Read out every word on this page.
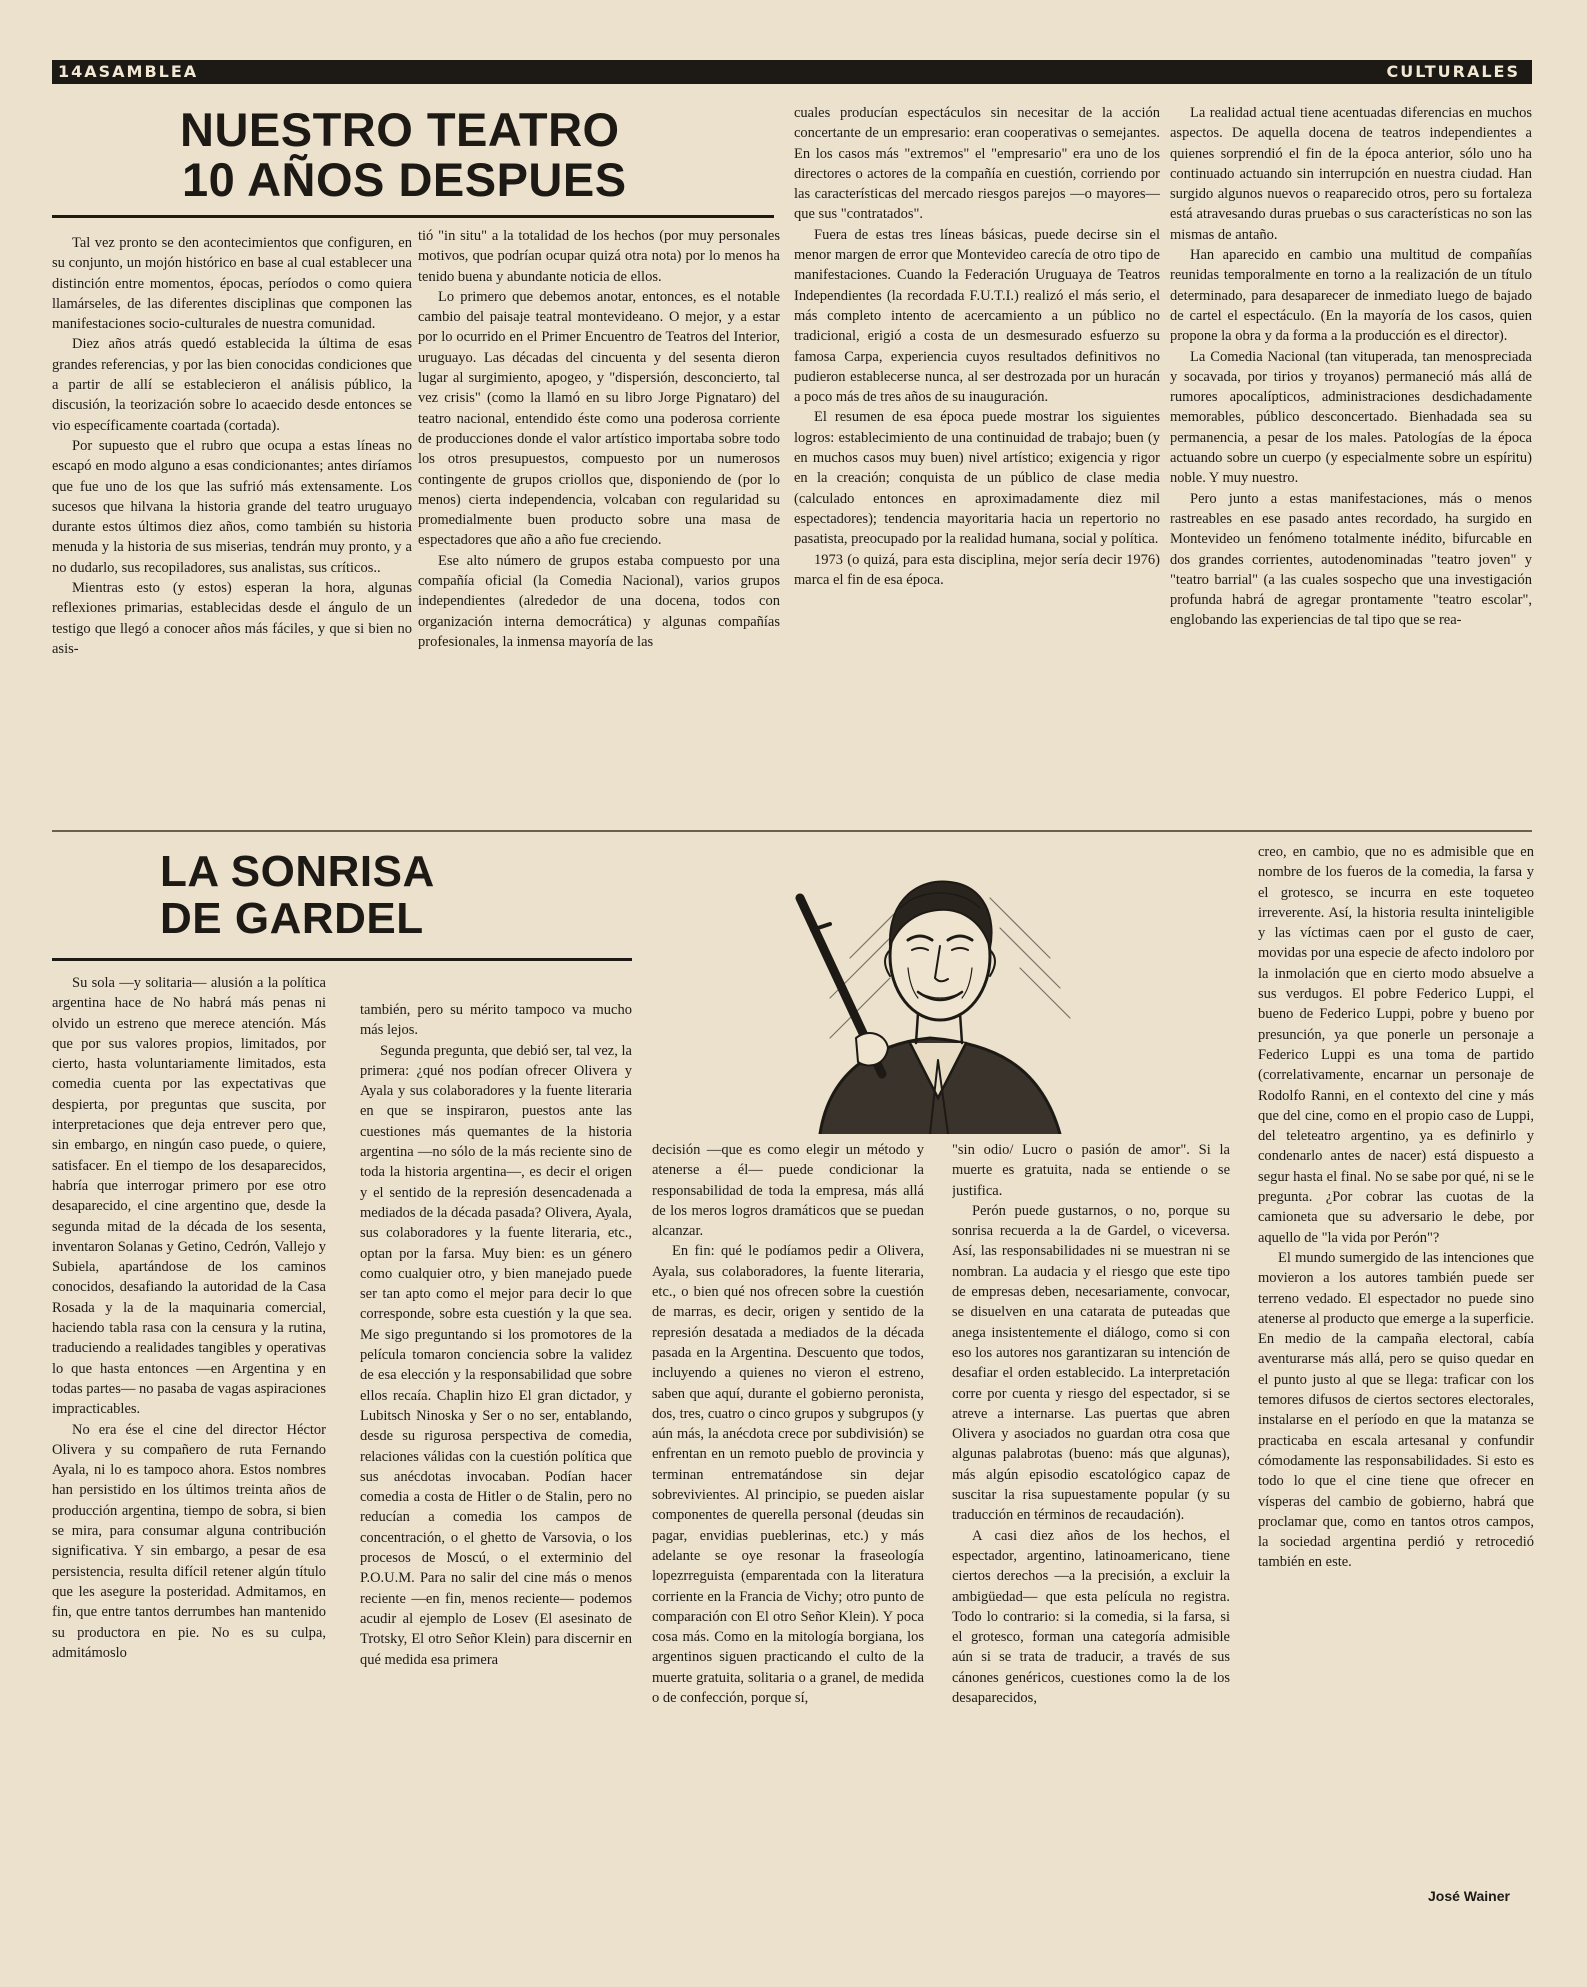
14ASAMBLEA	CULTURALES
NUESTRO TEATRO
10 AÑOS DESPUES

Tal vez pronto se den acontecimientos que configuren, en su conjunto, un mojón histórico en base al cual establecer una distinción entre momentos, épocas, períodos o como quiera llamárseles, de las diferentes disciplinas que componen las manifestaciones socio-culturales de nuestra comunidad.

Diez años atrás quedó establecida la última de esas grandes referencias, y por las bien conocidas condiciones que a partir de allí se establecieron el análisis público, la discusión, la teorización sobre lo acaecido desde entonces se vio específicamente coartada (cortada).

Por supuesto que el rubro que ocupa a estas líneas no escapó en modo alguno a esas condicionantes; antes diríamos que fue uno de los que las sufrió más extensamente. Los sucesos que hilvana la historia grande del teatro uruguayo durante estos últimos diez años, como también su historia menuda y la historia de sus miserias, tendrán muy pronto, y a no dudarlo, sus recopiladores, sus analistas, sus críticos..

Mientras esto (y estos) esperan la hora, algunas reflexiones primarias, establecidas desde el ángulo de un testigo que llegó a conocer años más fáciles, y que si bien no asis-

tió "in situ" a la totalidad de los hechos (por muy personales motivos, que podrían ocupar quizá otra nota) por lo menos ha tenido buena y abundante noticia de ellos.

Lo primero que debemos anotar, entonces, es el notable cambio del paisaje teatral montevideano. O mejor, y a estar por lo ocurrido en el Primer Encuentro de Teatros del Interior, uruguayo. Las décadas del cincuenta y del sesenta dieron lugar al surgimiento, apogeo, y "dispersión, desconcierto, tal vez crisis" (como la llamó en su libro Jorge Pignataro) del teatro nacional, entendido éste como una poderosa corriente de producciones donde el valor artístico importaba sobre todo los otros presupuestos, compuesto por un numerosos contingente de grupos criollos que, disponiendo de (por lo menos) cierta independencia, volcaban con regularidad su promedialmente buen producto sobre una masa de espectadores que año a año fue creciendo.

Ese alto número de grupos estaba compuesto por una compañía oficial (la Comedia Nacional), varios grupos independientes (alrededor de una docena, todos con organización interna democrática) y algunas compañías profesionales, la inmensa mayoría de las

cuales producían espectáculos sin necesitar de la acción concertante de un empresario: eran cooperativas o semejantes. En los casos más "extremos" el "empresario" era uno de los directores o actores de la compañía en cuestión, corriendo por las características del mercado riesgos parejos —o mayores— que sus "contratados".

Fuera de estas tres líneas básicas, puede decirse sin el menor margen de error que Montevideo carecía de otro tipo de manifestaciones. Cuando la Federación Uruguaya de Teatros Independientes (la recordada F.U.T.I.) realizó el más serio, el más completo intento de acercamiento a un público no tradicional, erigió a costa de un desmesurado esfuerzo su famosa Carpa, experiencia cuyos resultados definitivos no pudieron establecerse nunca, al ser destrozada por un huracán a poco más de tres años de su inauguración.

El resumen de esa época puede mostrar los siguientes logros: establecimiento de una continuidad de trabajo; buen (y en muchos casos muy buen) nivel artístico; exigencia y rigor en la creación; conquista de un público de clase media (calculado entonces en aproximadamente diez mil espectadores); tendencia mayoritaria hacia un repertorio no pasatista, preocupado por la realidad humana, social y política.

1973 (o quizá, para esta disciplina, mejor sería decir 1976) marca el fin de esa época.

La realidad actual tiene acentuadas diferencias en muchos aspectos. De aquella docena de teatros independientes a quienes sorprendió el fin de la época anterior, sólo uno ha continuado actuando sin interrupción en nuestra ciudad. Han surgido algunos nuevos o reaparecido otros, pero su fortaleza está atravesando duras pruebas o sus características no son las mismas de antaño.

Han aparecido en cambio una multitud de compañías reunidas temporalmente en torno a la realización de un título determinado, para desaparecer de inmediato luego de bajado de cartel el espectáculo. (En la mayoría de los casos, quien propone la obra y da forma a la producción es el director).

La Comedia Nacional (tan vituperada, tan menospreciada y socavada, por tirios y troyanos) permaneció más allá de rumores apocalípticos, administraciones desdichadamente memorables, público desconcertado. Bienhadada sea su permanencia, a pesar de los males. Patologías de la época actuando sobre un cuerpo (y especialmente sobre un espíritu) noble. Y muy nuestro.

Pero junto a estas manifestaciones, más o menos rastreables en ese pasado antes recordado, ha surgido en Montevideo un fenómeno totalmente inédito, bifurcable en dos grandes corrientes, autodenominadas "teatro joven" y "teatro barrial" (a las cuales sospecho que una investigación profunda habrá de agregar prontamente "teatro escolar", englobando las experiencias de tal tipo que se rea-

LA SONRISA
DE GARDEL

Su sola —y solitaria— alusión a la política argentina hace de No habrá más penas ni olvido un estreno que merece atención. Más que por sus valores propios, limitados, por cierto, hasta voluntariamente limitados, esta comedia cuenta por las expectativas que despierta, por preguntas que suscita, por interpretaciones que deja entrever pero que, sin embargo, en ningún caso puede, o quiere, satisfacer. En el tiempo de los desaparecidos, habría que interrogar primero por ese otro desaparecido, el cine argentino que, desde la segunda mitad de la década de los sesenta, inventaron Solanas y Getino, Cedrón, Vallejo y Subiela, apartándose de los caminos conocidos, desafiando la autoridad de la Casa Rosada y la de la maquinaria comercial, haciendo tabla rasa con la censura y la rutina, traduciendo a realidades tangibles y operativas lo que hasta entonces —en Argentina y en todas partes— no pasaba de vagas aspiraciones impracticables.

No era ése el cine del director Héctor Olivera y su compañero de ruta Fernando Ayala, ni lo es tampoco ahora. Estos nombres han persistido en los últimos treinta años de producción argentina, tiempo de sobra, si bien se mira, para consumar alguna contribución significativa. Y sin embargo, a pesar de esa persistencia, resulta difícil retener algún título que les asegure la posteridad. Admitamos, en fin, que entre tantos derrumbes han mantenido su productora en pie. No es su culpa, admitámoslo

también, pero su mérito tampoco va mucho más lejos.

Segunda pregunta, que debió ser, tal vez, la primera: ¿qué nos podían ofrecer Olivera y Ayala y sus colaboradores y la fuente literaria en que se inspiraron, puestos ante las cuestiones más quemantes de la historia argentina —no sólo de la más reciente sino de toda la historia argentina—, es decir el origen y el sentido de la represión desencadenada a mediados de la década pasada? Olivera, Ayala, sus colaboradores y la fuente literaria, etc., optan por la farsa. Muy bien: es un género como cualquier otro, y bien manejado puede ser tan apto como el mejor para decir lo que corresponde, sobre esta cuestión y la que sea. Me sigo preguntando si los promotores de la película tomaron conciencia sobre la validez de esa elección y la responsabilidad que sobre ellos recaía. Chaplin hizo El gran dictador, y Lubitsch Ninoska y Ser o no ser, entablando, desde su rigurosa perspectiva de comedia, relaciones válidas con la cuestión política que sus anécdotas invocaban. Podían hacer comedia a costa de Hitler o de Stalin, pero no reducían a comedia los campos de concentración, o el ghetto de Varsovia, o los procesos de Moscú, o el exterminio del P.O.U.M. Para no salir del cine más o menos reciente —en fin, menos reciente— podemos acudir al ejemplo de Losev (El asesinato de Trotsky, El otro Señor Klein) para discernir en qué medida esa primera

decisión —que es como elegir un método y atenerse a él— puede condicionar la responsabilidad de toda la empresa, más allá de los meros logros dramáticos que se puedan alcanzar.

En fin: qué le podíamos pedir a Olivera, Ayala, sus colaboradores, la fuente literaria, etc., o bien qué nos ofrecen sobre la cuestión de marras, es decir, origen y sentido de la represión desatada a mediados de la década pasada en la Argentina. Descuento que todos, incluyendo a quienes no vieron el estreno, saben que aquí, durante el gobierno peronista, dos, tres, cuatro o cinco grupos y subgrupos (y aún más, la anécdota crece por subdivisión) se enfrentan en un remoto pueblo de provincia y terminan entrematándose sin dejar sobrevivientes. Al principio, se pueden aislar componentes de querella personal (deudas sin pagar, envidias pueblerinas, etc.) y más adelante se oye resonar la fraseología lopezrreguista (emparentada con la literatura corriente en la Francia de Vichy; otro punto de comparación con El otro Señor Klein). Y poca cosa más. Como en la mitología borgiana, los argentinos siguen practicando el culto de la muerte gratuita, solitaria o a granel, de medida o de confección, porque sí,

"sin odio/ Lucro o pasión de amor". Si la muerte es gratuita, nada se entiende o se justifica.

Perón puede gustarnos, o no, porque su sonrisa recuerda a la de Gardel, o viceversa. Así, las responsabilidades ni se muestran ni se nombran. La audacia y el riesgo que este tipo de empresas deben, necesariamente, convocar, se disuelven en una catarata de puteadas que anega insistentemente el diálogo, como si con eso los autores nos garantizaran su intención de desafiar el orden establecido. La interpretación corre por cuenta y riesgo del espectador, si se atreve a internarse. Las puertas que abren Olivera y asociados no guardan otra cosa que algunas palabrotas (bueno: más que algunas), más algún episodio escatológico capaz de suscitar la risa supuestamente popular (y su traducción en términos de recaudación).

A casi diez años de los hechos, el espectador, argentino, latinoamericano, tiene ciertos derechos —a la precisión, a excluir la ambigüedad— que esta película no registra. Todo lo contrario: si la comedia, si la farsa, si el grotesco, forman una categoría admisible aún si se trata de traducir, a través de sus cánones genéricos, cuestiones como la de los desaparecidos,

creo, en cambio, que no es admisible que en nombre de los fueros de la comedia, la farsa y el grotesco, se incurra en este toqueteo irreverente. Así, la historia resulta ininteligible y las víctimas caen por el gusto de caer, movidas por una especie de afecto indoloro por la inmolación que en cierto modo absuelve a sus verdugos. El pobre Federico Luppi, el bueno de Federico Luppi, pobre y bueno por presunción, ya que ponerle un personaje a Federico Luppi es una toma de partido (correlativamente, encarnar un personaje de Rodolfo Ranni, en el contexto del cine y más que del cine, como en el propio caso de Luppi, del teleteatro argentino, ya es definirlo y condenarlo antes de nacer) está dispuesto a segur hasta el final. No se sabe por qué, ni se le pregunta. ¿Por cobrar las cuotas de la camioneta que su adversario le debe, por aquello de "la vida por Perón"?

El mundo sumergido de las intenciones que movieron a los autores también puede ser terreno vedado. El espectador no puede sino atenerse al producto que emerge a la superficie. En medio de la campaña electoral, cabía aventurarse más allá, pero se quiso quedar en el punto justo al que se llega: traficar con los temores difusos de ciertos sectores electorales, instalarse en el período en que la matanza se practicaba en escala artesanal y confundir cómodamente las responsabilidades. Si esto es todo lo que el cine tiene que ofrecer en vísperas del cambio de gobierno, habrá que proclamar que, como en tantos otros campos, la sociedad argentina perdió y retrocedió también en este.

José Wainer
